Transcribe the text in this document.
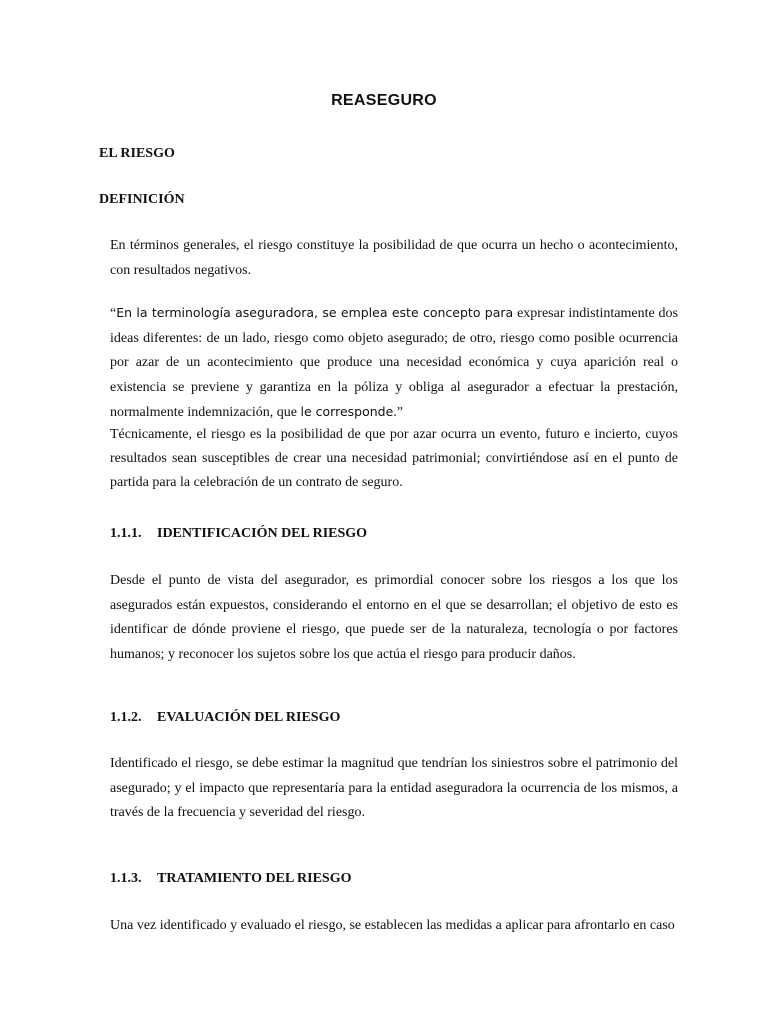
REASEGURO
EL RIESGO
DEFINICIÓN

En términos generales, el riesgo constituye la posibilidad de que ocurra un hecho o acontecimiento, con resultados negativos.

“En la terminología aseguradora, se emplea este concepto para expresar indistintamente dos ideas diferentes: de un lado, riesgo como objeto asegurado; de otro, riesgo como posible ocurrencia por azar de un acontecimiento que produce una necesidad económica y cuya aparición real o existencia se previene y garantiza en la póliza y obliga al asegurador a efectuar la prestación, normalmente indemnización, que le corresponde.”

Técnicamente, el riesgo es la posibilidad de que por azar ocurra un evento, futuro e incierto, cuyos resultados sean susceptibles de crear una necesidad patrimonial; convirtiéndose así en el punto de partida para la celebración de un contrato de seguro.

1.1.1. IDENTIFICACIÓN DEL RIESGO

Desde el punto de vista del asegurador, es primordial conocer sobre los riesgos a los que los asegurados están expuestos, considerando el entorno en el que se desarrollan; el objetivo de esto es identificar de dónde proviene el riesgo, que puede ser de la naturaleza, tecnología o por factores humanos; y reconocer los sujetos sobre los que actúa el riesgo para producir daños.

1.1.2. EVALUACIÓN DEL RIESGO

Identificado el riesgo, se debe estimar la magnitud que tendrían los siniestros sobre el patrimonio del asegurado; y el impacto que representaría para la entidad aseguradora la ocurrencia de los mismos, a través de la frecuencia y severidad del riesgo.

1.1.3. TRATAMIENTO DEL RIESGO

Una vez identificado y evaluado el riesgo, se establecen las medidas a aplicar para afrontarlo en caso
